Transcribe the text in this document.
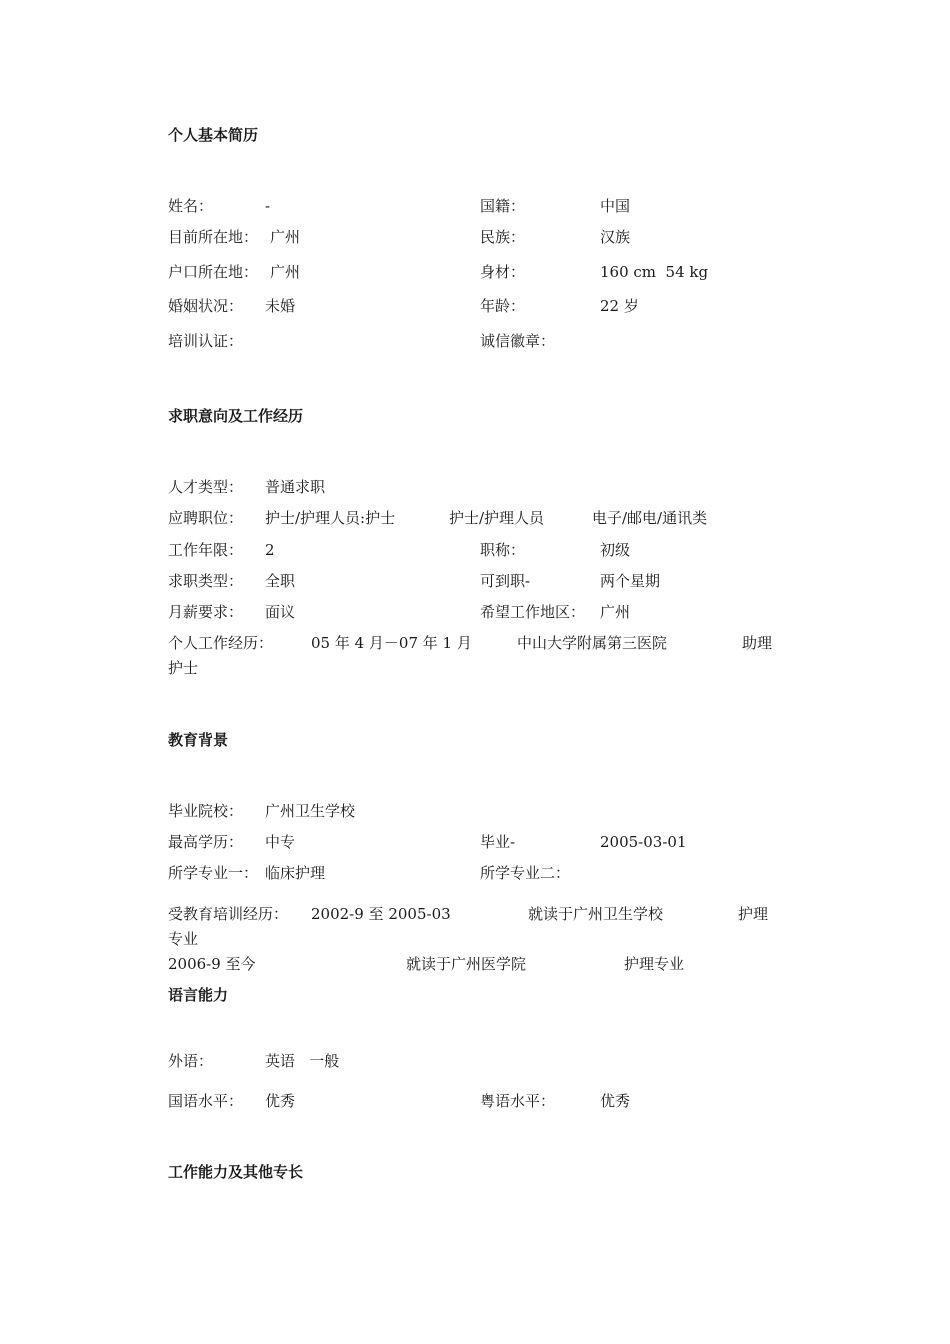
个人基本简历
姓名：	-	国籍：	中国
目前所在地： 广州	民族：	汉族
户口所在地： 广州	身材：	160 cm  54 kg
婚姻状况： 未婚	年龄：	22 岁
培训认证：	诚信徽章：
求职意向及工作经历
人才类型： 普通求职
应聘职位： 护士/护理人员:护士	护士/护理人员	电子/邮电/通讯类
工作年限： 2	职称：	初级
求职类型： 全职	可到职-	两个星期
月薪要求： 面议	希望工作地区： 广州
个人工作经历：	05 年 4 月－07 年 1 月	中山大学附属第三医院	助理
护士
教育背景
毕业院校： 广州卫生学校
最高学历： 中专	毕业-	2005-03-01
所学专业一： 临床护理	所学专业二：
受教育培训经历： 2002-9 至 2005-03	就读于广州卫生学校	护理
专业
2006-9 至今	就读于广州医学院	护理专业
语言能力
外语：	英语   一般
国语水平： 优秀	粤语水平：	优秀
工作能力及其他专长
